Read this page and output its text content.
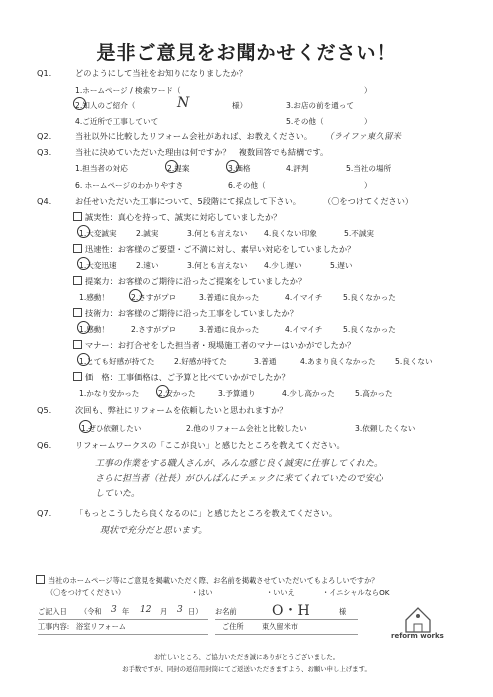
是非ご意見をお聞かせください！
Q1.	どのようにして当社をお知りになりましたか？
1.ホームページ / 検索ワード（	）
2.知人のご紹介（	N	様）	3.お店の前を通って
4.ご近所で工事していて	5.その他（	）
Q2.	当社以外に比較したリフォーム会社があれば、お教えください。 （ライファ東久留米
Q3.	当社に決めていただいた理由は何ですか？　複数回答でも結構です。
1.担当者の対応	2.提案	3.価格	4.評判	5.当社の場所
6. ホームページのわかりやすさ	6.その他（	）
Q4.	お任せいただいた工事について、5段階にて採点して下さい。	（〇をつけてください）
誠実性：真心を持って、誠実に対応していましたか？
1.大変誠実	2.誠実	3.何とも言えない 4.良くない印象	5.不誠実
迅速性：お客様のご要望・ご不満に対し、素早い対応をしていましたか？
1.大変迅速	2.速い	3.何とも言えない 4.少し遅い	5.遅い
提案力：お客様のご期待に沿ったご提案をしていましたか？
1.感動！	2.さすがプロ	3.普通に良かった	4.イマイチ	5.良くなかった
技術力：お客様のご期待に沿った工事をしていましたか？
1.感動！	2.さすがプロ	3.普通に良かった	4.イマイチ	5.良くなかった
マナー：お打合せをした担当者・現場施工者のマナーはいかがでしたか？
1.とても好感が持てた	2.好感が持てた	3.普通	4.あまり良くなかった	5.良くない
価　格：工事価格は、ご予算と比べていかがでしたか？
1.かなり安かった 2.安かった	3.予算通り	4.少し高かった	5.高かった
Q5.	次回も、弊社にリフォームを依頼したいと思われますか？
1.ぜひ依頼したい	2.他のリフォーム会社と比較したい	3.依頼したくない
Q6.	リフォームワークスの「ここが良い」と感じたところを教えてください。
工事の作業をする職人さんが、みんな感じ良く誠実に仕事してくれた。
さらに担当者（社長）がひんぱんにチェックに来てくれていたので安心
していた。
Q7.	「もっとこうしたら良くなるのに」と感じたところを教えてください。
現状で充分だと思います。
当社のホームページ等にご意見を掲載いただく際、お名前を掲載させていただいてもよろしいですか？
（〇をつけてください）	・はい	・いいえ	・イニシャルならOK
ご記入日 （令和 3 年 12 月 3 日） お名前	O・H	様
工事内容: 浴室リフォーム	ご住所	東久留米市
reform works
お忙しいところ、ご協力いただき誠にありがとうございました。
お手数ですが、同封の返信用封筒にてご返送いただきますよう、お願い申し上げます。
